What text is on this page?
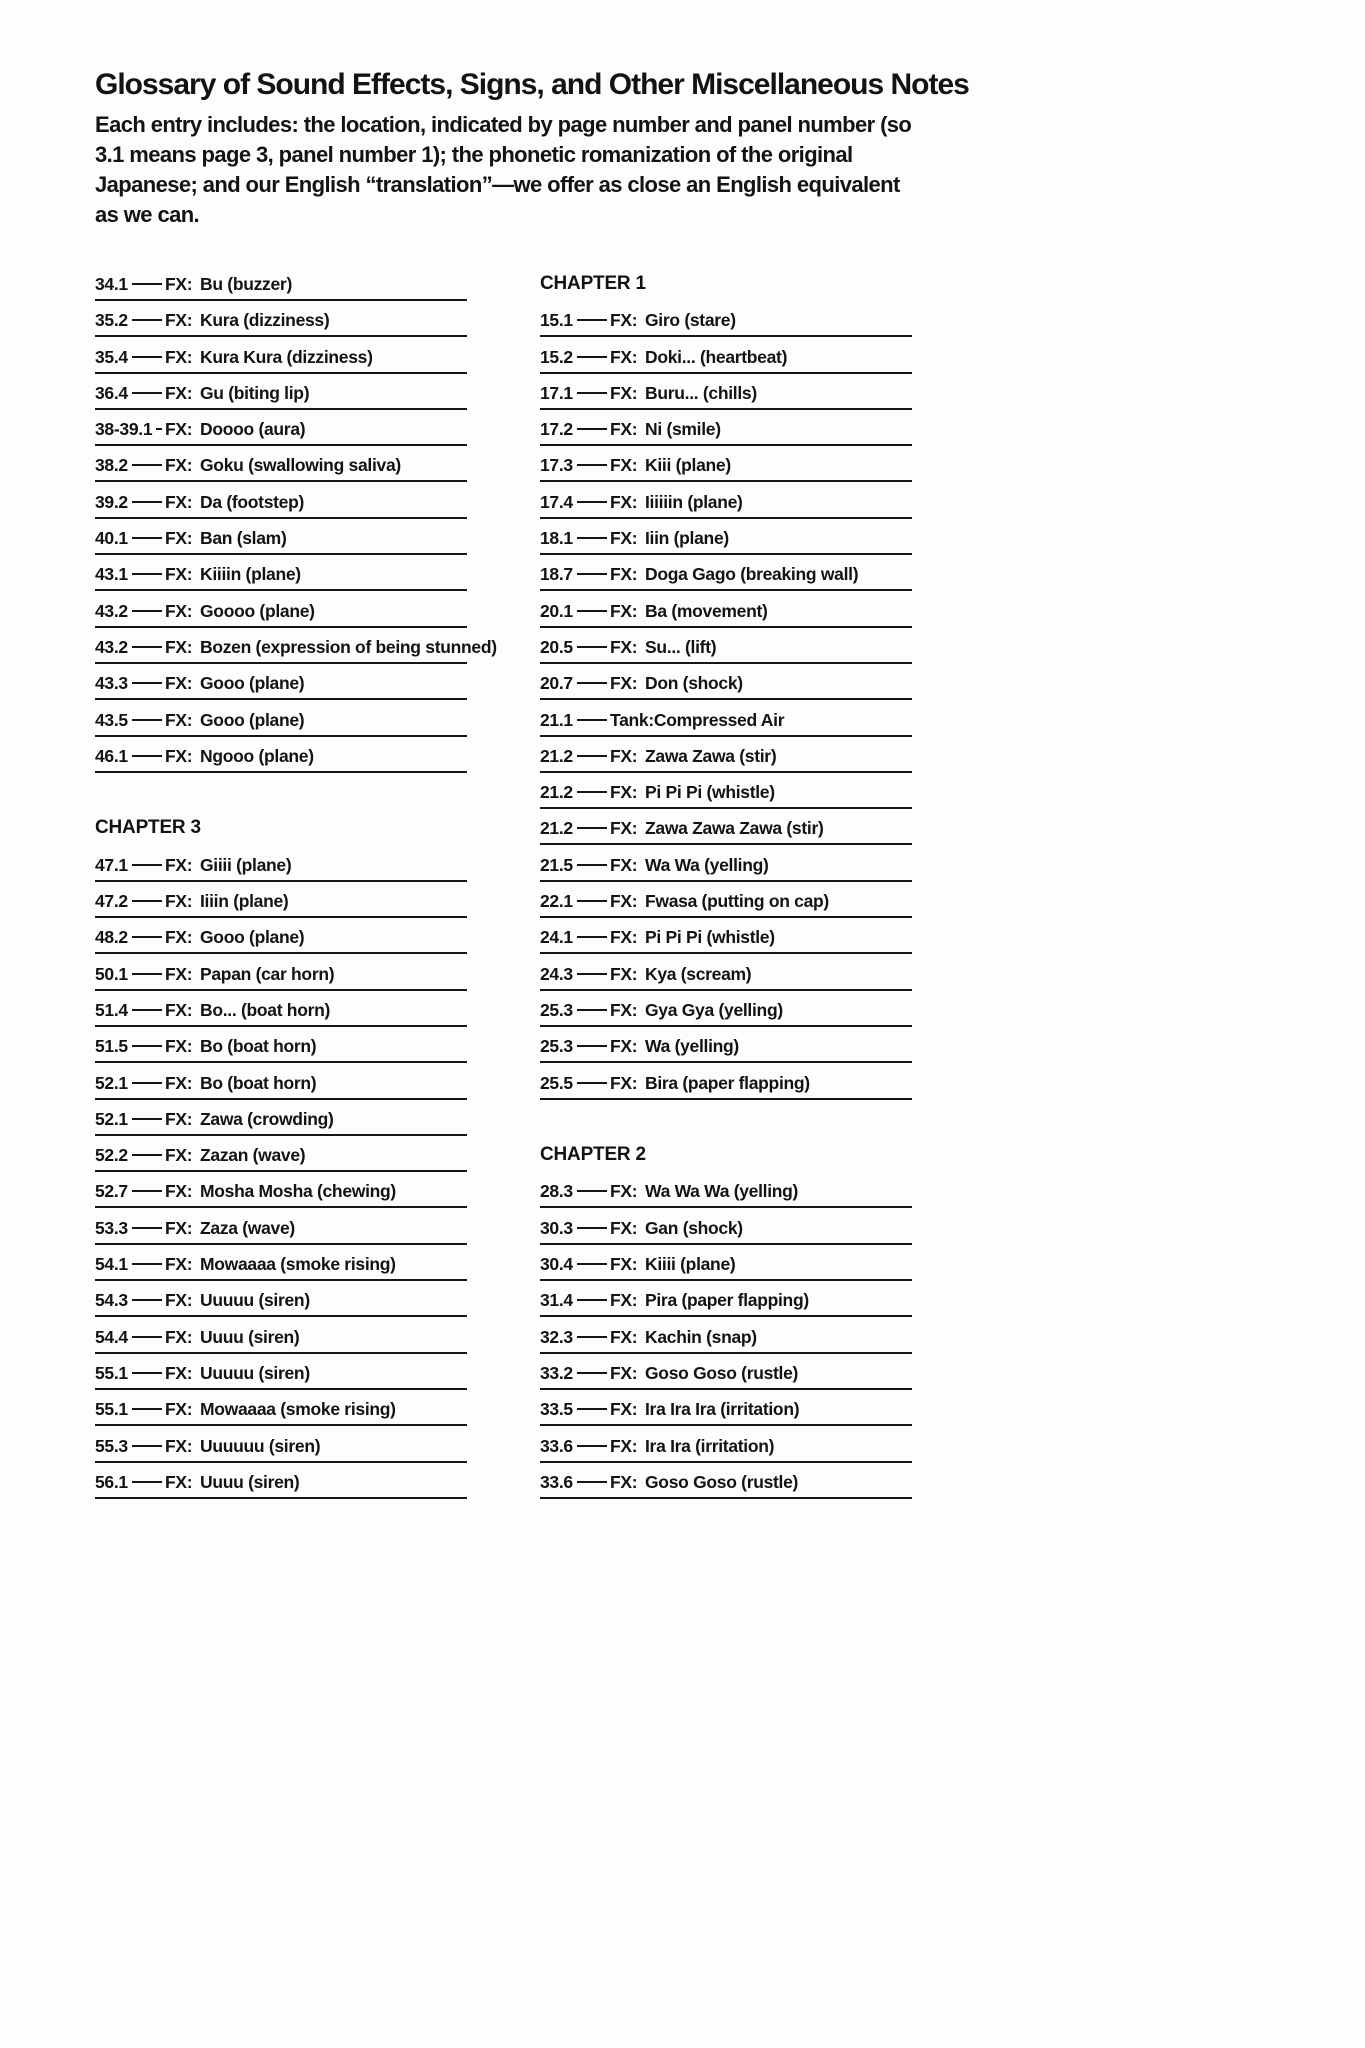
Glossary of Sound Effects, Signs, and Other Miscellaneous Notes

Each entry includes: the location, indicated by page number and panel number (so 3.1 means page 3, panel number 1); the phonetic romanization of the original Japanese; and our English “translation”—we offer as close an English equivalent as we can.

34.1 FX: Bu (buzzer)
35.2 FX: Kura (dizziness)
35.4 FX: Kura Kura (dizziness)
36.4 FX: Gu (biting lip)
38-39.1 FX: Doooo (aura)
38.2 FX: Goku (swallowing saliva)
39.2 FX: Da (footstep)
40.1 FX: Ban (slam)
43.1 FX: Kiiiin (plane)
43.2 FX: Goooo (plane)
43.2 FX: Bozen (expression of being stunned)
43.3 FX: Gooo (plane)
43.5 FX: Gooo (plane)
46.1 FX: Ngooo (plane)
CHAPTER 3
47.1 FX: Giiii (plane)
47.2 FX: Iiiin (plane)
48.2 FX: Gooo (plane)
50.1 FX: Papan (car horn)
51.4 FX: Bo... (boat horn)
51.5 FX: Bo (boat horn)
52.1 FX: Bo (boat horn)
52.1 FX: Zawa (crowding)
52.2 FX: Zazan (wave)
52.7 FX: Mosha Mosha (chewing)
53.3 FX: Zaza (wave)
54.1 FX: Mowaaaa (smoke rising)
54.3 FX: Uuuuu (siren)
54.4 FX: Uuuu (siren)
55.1 FX: Uuuuu (siren)
55.1 FX: Mowaaaa (smoke rising)
55.3 FX: Uuuuuu (siren)
56.1 FX: Uuuu (siren)
CHAPTER 1
15.1 FX: Giro (stare)
15.2 FX: Doki... (heartbeat)
17.1 FX: Buru... (chills)
17.2 FX: Ni (smile)
17.3 FX: Kiii (plane)
17.4 FX: Iiiiiin (plane)
18.1 FX: Iiin (plane)
18.7 FX: Doga Gago (breaking wall)
20.1 FX: Ba (movement)
20.5 FX: Su... (lift)
20.7 FX: Don (shock)
21.1 Tank: Compressed Air
21.2 FX: Zawa Zawa (stir)
21.2 FX: Pi Pi Pi (whistle)
21.2 FX: Zawa Zawa Zawa (stir)
21.5 FX: Wa Wa (yelling)
22.1 FX: Fwasa (putting on cap)
24.1 FX: Pi Pi Pi (whistle)
24.3 FX: Kya (scream)
25.3 FX: Gya Gya (yelling)
25.3 FX: Wa (yelling)
25.5 FX: Bira (paper flapping)
CHAPTER 2
28.3 FX: Wa Wa Wa (yelling)
30.3 FX: Gan (shock)
30.4 FX: Kiiii (plane)
31.4 FX: Pira (paper flapping)
32.3 FX: Kachin (snap)
33.2 FX: Goso Goso (rustle)
33.5 FX: Ira Ira Ira (irritation)
33.6 FX: Ira Ira (irritation)
33.6 FX: Goso Goso (rustle)
